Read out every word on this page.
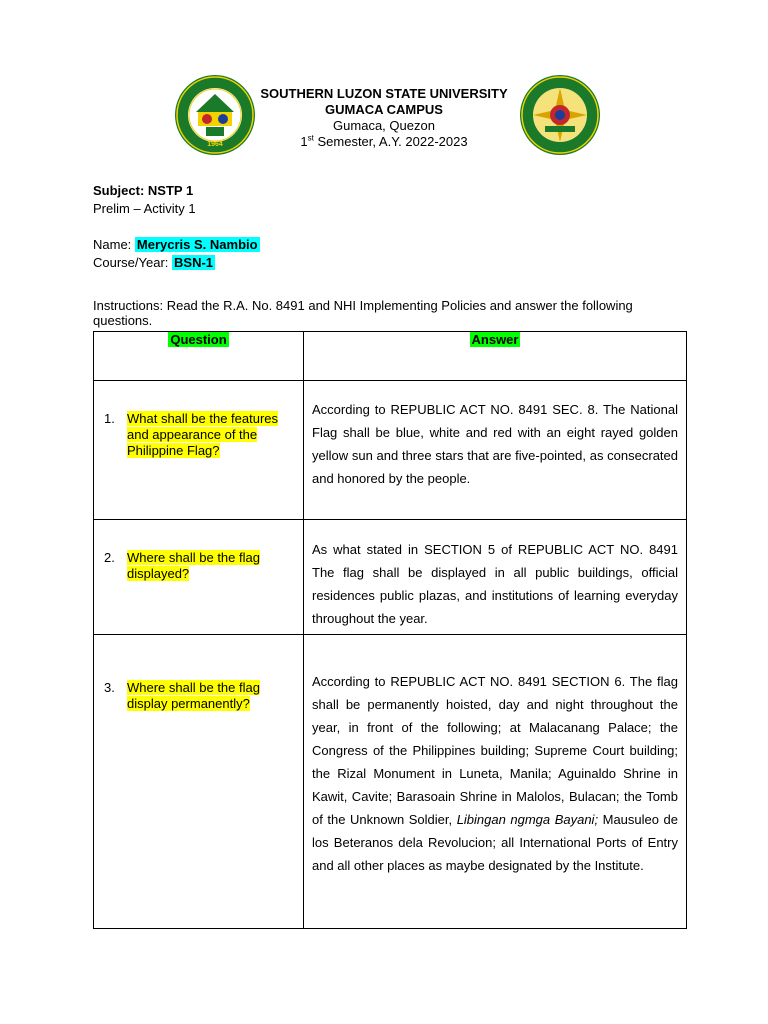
1964
SOUTHERN LUZON STATE UNIVERSITY
GUMACA CAMPUS
Gumaca, Quezon
1st Semester, A.Y. 2022-2023
Subject: NSTP 1
Prelim – Activity 1
Name: Merycris S. Nambio
Course/Year: BSN-1
Instructions: Read the R.A. No. 8491 and NHI Implementing Policies and answer the following questions.
Question	Answer

1. What shall be the features and appearance of the Philippine Flag?	According to REPUBLIC ACT NO. 8491 SEC. 8. The National Flag shall be blue, white and red with an eight rayed golden yellow sun and three stars that are five-pointed, as consecrated and honored by the people.

2. Where shall be the flag displayed?	As what stated in SECTION 5 of REPUBLIC ACT NO. 8491 The flag shall be displayed in all public buildings, official residences public plazas, and institutions of learning everyday throughout the year.

3. Where shall be the flag display permanently?	According to REPUBLIC ACT NO. 8491 SECTION 6. The flag shall be permanently hoisted, day and night throughout the year, in front of the following; at Malacanang Palace; the Congress of the Philippines building; Supreme Court building; the Rizal Monument in Luneta, Manila; Aguinaldo Shrine in Kawit, Cavite; Barasoain Shrine in Malolos, Bulacan; the Tomb of the Unknown Soldier, Libingan ngmga Bayani; Mausuleo de los Beteranos dela Revolucion; all International Ports of Entry and all other places as maybe designated by the Institute.
